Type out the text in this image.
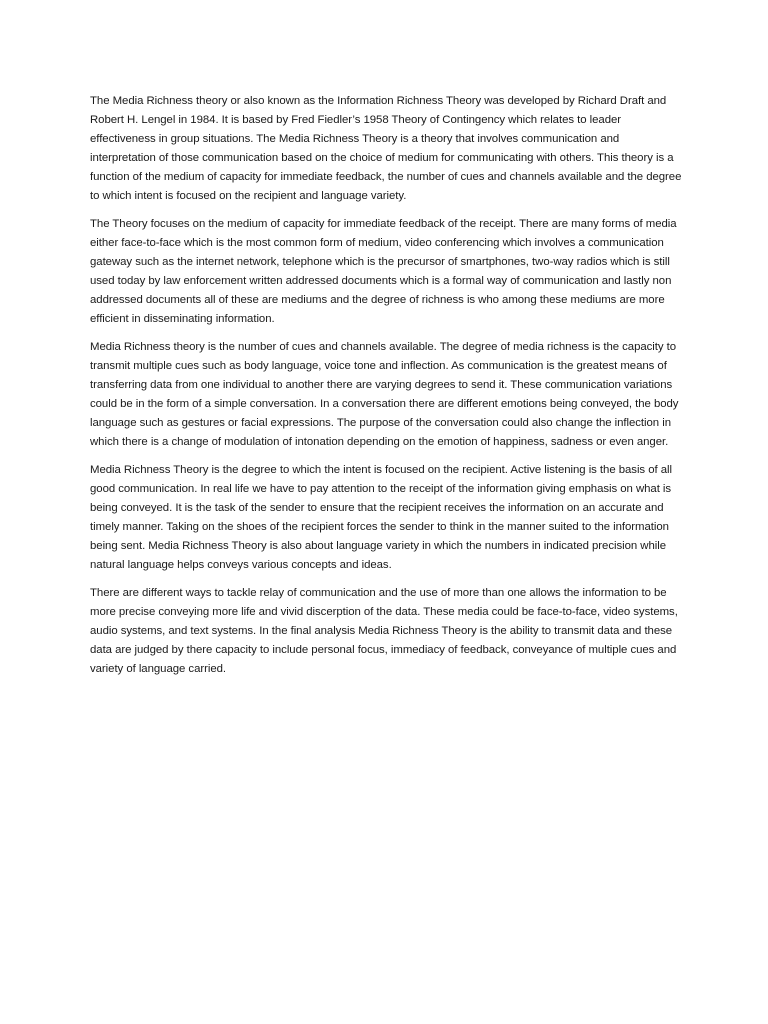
The Media Richness theory or also known as the Information Richness Theory was developed by Richard Draft and Robert H. Lengel in 1984. It is based by Fred Fiedler’s 1958 Theory of Contingency which relates to leader effectiveness in group situations. The Media Richness Theory is a theory that involves communication and interpretation of those communication based on the choice of medium for communicating with others. This theory is a function of the medium of capacity for immediate feedback, the number of cues and channels available and the degree to which intent is focused on the recipient and language variety.

The Theory focuses on the medium of capacity for immediate feedback of the receipt. There are many forms of media either face-to-face which is the most common form of medium, video conferencing which involves a communication gateway such as the internet network, telephone which is the precursor of smartphones, two-way radios which is still used today by law enforcement written addressed documents which is a formal way of communication and lastly non addressed documents all of these are mediums and the degree of richness is who among these mediums are more efficient in disseminating information.

Media Richness theory is the number of cues and channels available. The degree of media richness is the capacity to transmit multiple cues such as body language, voice tone and inflection. As communication is the greatest means of transferring data from one individual to another there are varying degrees to send it. These communication variations could be in the form of a simple conversation. In a conversation there are different emotions being conveyed, the body language such as gestures or facial expressions. The purpose of the conversation could also change the inflection in which there is a change of modulation of intonation depending on the emotion of happiness, sadness or even anger.

Media Richness Theory is the degree to which the intent is focused on the recipient. Active listening is the basis of all good communication. In real life we have to pay attention to the receipt of the information giving emphasis on what is being conveyed. It is the task of the sender to ensure that the recipient receives the information on an accurate and timely manner. Taking on the shoes of the recipient forces the sender to think in the manner suited to the information being sent. Media Richness Theory is also about language variety in which the numbers in indicated precision while natural language helps conveys various concepts and ideas.

There are different ways to tackle relay of communication and the use of more than one allows the information to be more precise conveying more life and vivid discerption of the data. These media could be face-to-face, video systems, audio systems, and text systems. In the final analysis Media Richness Theory is the ability to transmit data and these data are judged by there capacity to include personal focus, immediacy of feedback, conveyance of multiple cues and variety of language carried.
